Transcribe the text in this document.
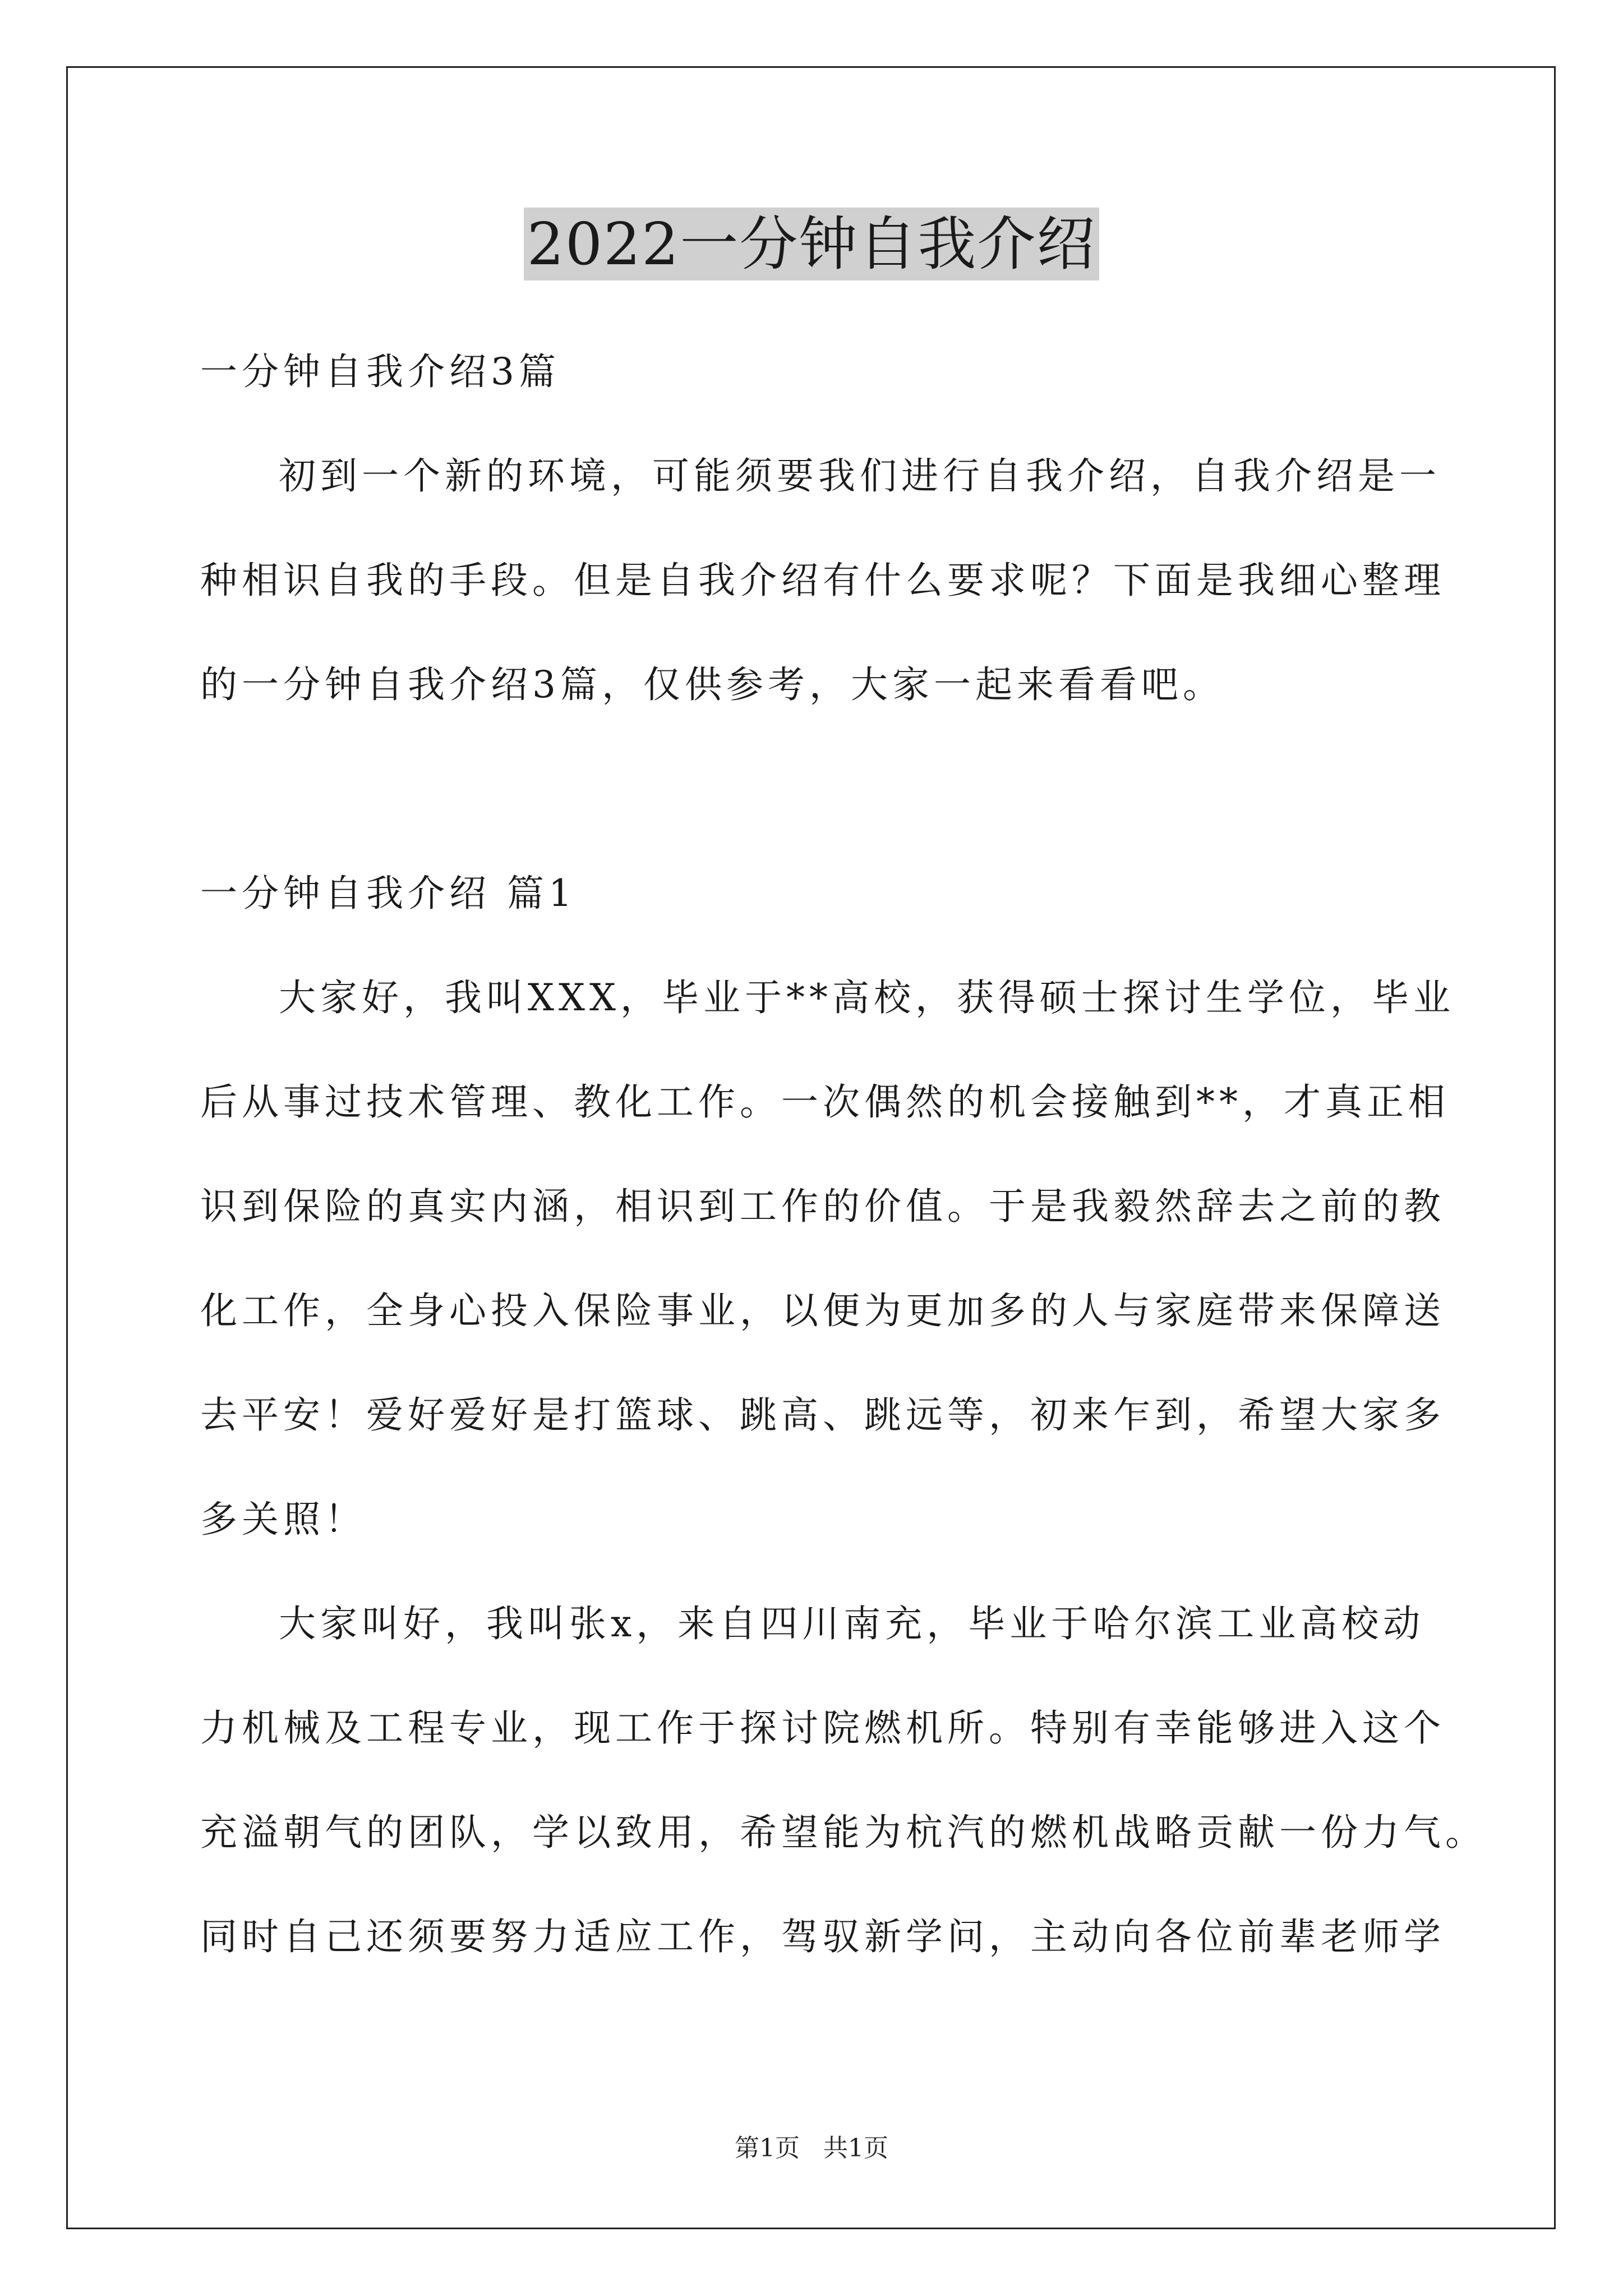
2022一分钟自我介绍
一分钟自我介绍3篇
初到一个新的环境，可能须要我们进行自我介绍，自我介绍是一
种相识自我的手段。但是自我介绍有什么要求呢？下面是我细心整理
的一分钟自我介绍3篇，仅供参考，大家一起来看看吧。
一分钟自我介绍 篇1
大家好，我叫XXX，毕业于**高校，获得硕士探讨生学位，毕业
后从事过技术管理、教化工作。一次偶然的机会接触到**，才真正相
识到保险的真实内涵，相识到工作的价值。于是我毅然辞去之前的教
化工作，全身心投入保险事业，以便为更加多的人与家庭带来保障送
去平安！爱好爱好是打篮球、跳高、跳远等，初来乍到，希望大家多
多关照！
大家叫好，我叫张x，来自四川南充，毕业于哈尔滨工业高校动
力机械及工程专业，现工作于探讨院燃机所。特别有幸能够进入这个
充溢朝气的团队，学以致用，希望能为杭汽的燃机战略贡献一份力气。
同时自己还须要努力适应工作，驾驭新学问，主动向各位前辈老师学
第1页 共1页
